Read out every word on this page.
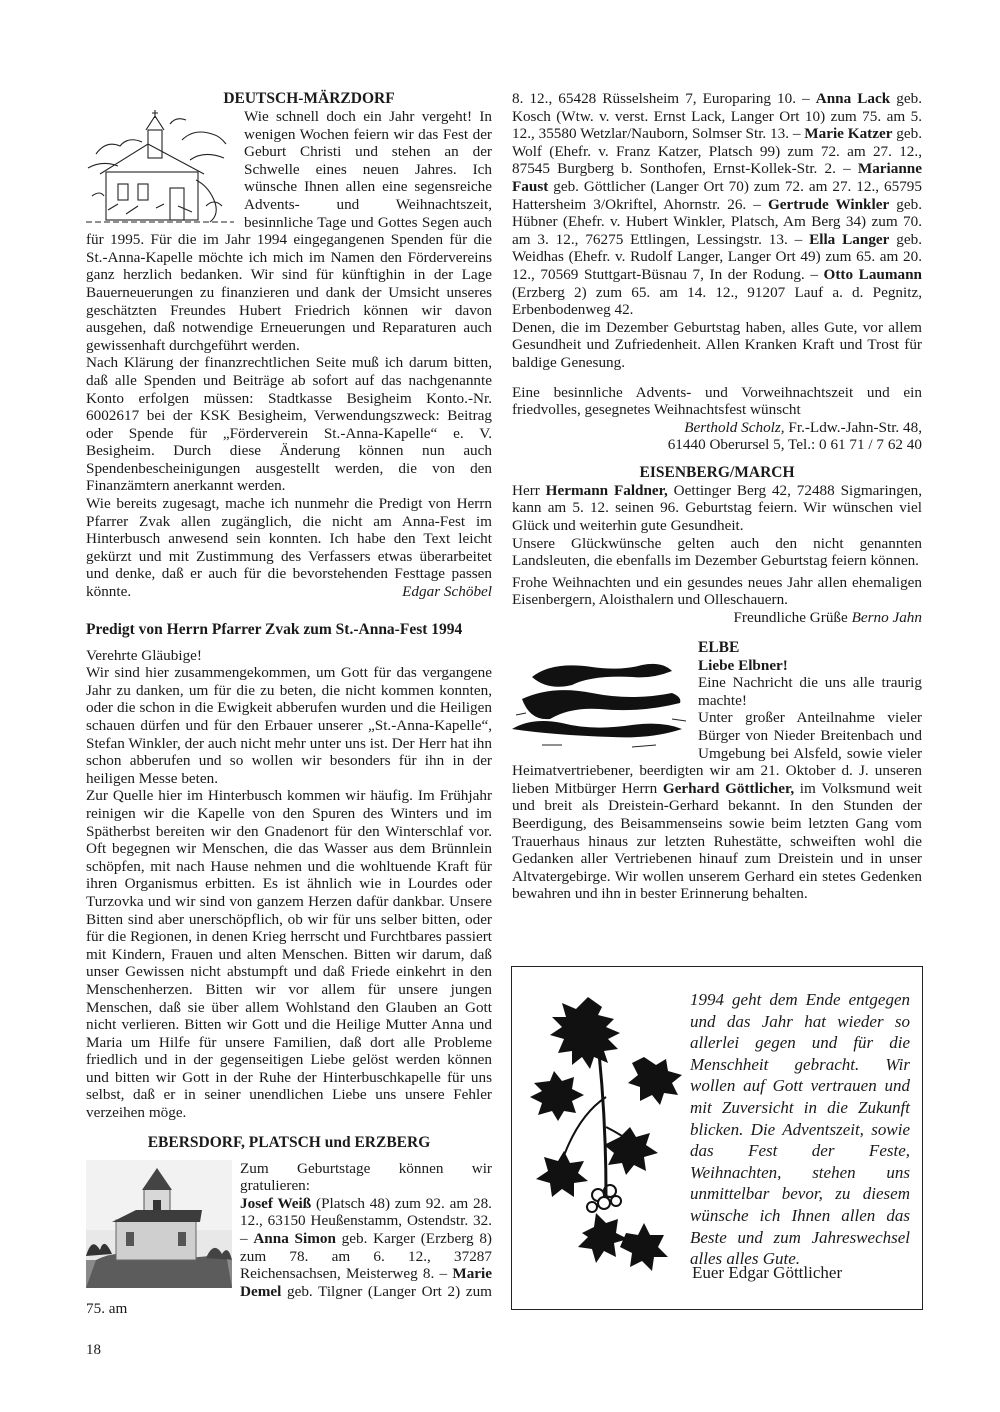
DEUTSCH-MÄRZDORF

Wie schnell doch ein Jahr vergeht! In wenigen Wochen feiern wir das Fest der Geburt Christi und stehen an der Schwelle eines neuen Jahres. Ich wünsche Ihnen allen eine segensreiche Advents- und Weihnachtszeit, besinnliche Tage und Gottes Segen auch für 1995. Für die im Jahr 1994 eingegangenen Spenden für die St.-Anna-Kapelle möchte ich mich im Namen den Fördervereins ganz herzlich bedanken. Wir sind für künftighin in der Lage Bauerneuerungen zu finanzieren und dank der Umsicht unseres geschätzten Freundes Hubert Friedrich können wir davon ausgehen, daß notwendige Erneuerungen und Reparaturen auch gewissenhaft durchgeführt werden.

Nach Klärung der finanzrechtlichen Seite muß ich darum bitten, daß alle Spenden und Beiträge ab sofort auf das nachgenannte Konto erfolgen müssen: Stadtkasse Besigheim Konto.-Nr. 6002617 bei der KSK Besigheim, Verwendungszweck: Beitrag oder Spende für „Förderverein St.-Anna-Kapelle“ e. V. Besigheim. Durch diese Änderung können nun auch Spendenbescheinigungen ausgestellt werden, die von den Finanzämtern anerkannt werden.

Wie bereits zugesagt, mache ich nunmehr die Predigt von Herrn Pfarrer Zvak allen zugänglich, die nicht am Anna-Fest im Hinterbusch anwesend sein konnten. Ich habe den Text leicht gekürzt und mit Zustimmung des Verfassers etwas überarbeitet und denke, daß er auch für die bevorstehenden Festtage passen könnte.	Edgar Schöbel

Predigt von Herrn Pfarrer Zvak zum St.-Anna-Fest 1994

Verehrte Gläubige!

Wir sind hier zusammengekommen, um Gott für das vergangene Jahr zu danken, um für die zu beten, die nicht kommen konnten, oder die schon in die Ewigkeit abberufen wurden und die Heiligen schauen dürfen und für den Erbauer unserer „St.-Anna-Kapelle“, Stefan Winkler, der auch nicht mehr unter uns ist. Der Herr hat ihn schon abberufen und so wollen wir besonders für ihn in der heiligen Messe beten.

Zur Quelle hier im Hinterbusch kommen wir häufig. Im Frühjahr reinigen wir die Kapelle von den Spuren des Winters und im Spätherbst bereiten wir den Gnadenort für den Winterschlaf vor. Oft begegnen wir Menschen, die das Wasser aus dem Brünnlein schöpfen, mit nach Hause nehmen und die wohltuende Kraft für ihren Organismus erbitten. Es ist ähnlich wie in Lourdes oder Turzovka und wir sind von ganzem Herzen dafür dankbar. Unsere Bitten sind aber unerschöpflich, ob wir für uns selber bitten, oder für die Regionen, in denen Krieg herrscht und Furchtbares passiert mit Kindern, Frauen und alten Menschen. Bitten wir darum, daß unser Gewissen nicht abstumpft und daß Friede einkehrt in den Menschenherzen. Bitten wir vor allem für unsere jungen Menschen, daß sie über allem Wohlstand den Glauben an Gott nicht verlieren. Bitten wir Gott und die Heilige Mutter Anna und Maria um Hilfe für unsere Familien, daß dort alle Probleme friedlich und in der gegenseitigen Liebe gelöst werden können und bitten wir Gott in der Ruhe der Hinterbuschkapelle für uns selbst, daß er in seiner unendlichen Liebe uns unsere Fehler verzeihen möge.

EBERSDORF, PLATSCH und ERZBERG

Zum Geburtstage können wir gratulieren:

Josef Weiß (Platsch 48) zum 92. am 28. 12., 63150 Heußenstamm, Ostendstr. 32. – Anna Simon geb. Karger (Erzberg 8) zum 78. am 6. 12., 37287 Reichensachsen, Meisterweg 8. – Marie Demel geb. Tilgner (Langer Ort 2) zum 75. am

8. 12., 65428 Rüsselsheim 7, Europaring 10. – Anna Lack geb. Kosch (Wtw. v. verst. Ernst Lack, Langer Ort 10) zum 75. am 5. 12., 35580 Wetzlar/Nauborn, Solmser Str. 13. – Marie Katzer geb. Wolf (Ehefr. v. Franz Katzer, Platsch 99) zum 72. am 27. 12., 87545 Burgberg b. Sonthofen, Ernst-Kollek-Str. 2. – Marianne Faust geb. Göttlicher (Langer Ort 70) zum 72. am 27. 12., 65795 Hattersheim 3/Okriftel, Ahornstr. 26. – Gertrude Winkler geb. Hübner (Ehefr. v. Hubert Winkler, Platsch, Am Berg 34) zum 70. am 3. 12., 76275 Ettlingen, Lessingstr. 13. – Ella Langer geb. Weidhas (Ehefr. v. Rudolf Langer, Langer Ort 49) zum 65. am 20. 12., 70569 Stuttgart-Büsnau 7, In der Rodung. – Otto Laumann (Erzberg 2) zum 65. am 14. 12., 91207 Lauf a. d. Pegnitz, Erbenbodenweg 42.

Denen, die im Dezember Geburtstag haben, alles Gute, vor allem Gesundheit und Zufriedenheit. Allen Kranken Kraft und Trost für baldige Genesung.

Eine besinnliche Advents- und Vorweihnachtszeit und ein friedvolles, gesegnetes Weihnachtsfest wünscht

Berthold Scholz, Fr.-Ldw.-Jahn-Str. 48,

61440 Oberursel 5, Tel.: 0 61 71 / 7 62 40

EISENBERG/MARCH

Herr Hermann Faldner, Oettinger Berg 42, 72488 Sigmaringen, kann am 5. 12. seinen 96. Geburtstag feiern. Wir wünschen viel Glück und weiterhin gute Gesundheit.

Unsere Glückwünsche gelten auch den nicht genannten Landsleuten, die ebenfalls im Dezember Geburtstag feiern können.

Frohe Weihnachten und ein gesundes neues Jahr allen ehemaligen Eisenbergern, Aloisthalern und Olleschauern.

Freundliche Grüße Berno Jahn

ELBE

Liebe Elbner!

Eine Nachricht die uns alle traurig machte!

Unter großer Anteilnahme vieler Bürger von Nieder Breitenbach und Umgebung bei Alsfeld, sowie vieler Heimatvertriebener, beerdigten wir am 21. Oktober d. J. unseren lieben Mitbürger Herrn Gerhard Göttlicher, im Volksmund weit und breit als Dreistein-Gerhard bekannt. In den Stunden der Beerdigung, des Beisammenseins sowie beim letzten Gang vom Trauerhaus hinaus zur letzten Ruhestätte, schweiften wohl die Gedanken aller Vertriebenen hinauf zum Dreistein und in unser Altvatergebirge. Wir wollen unserem Gerhard ein stetes Gedenken bewahren und ihn in bester Erinnerung behalten.

1994 geht dem Ende entgegen und das Jahr hat wieder so allerlei gegen und für die Menschheit gebracht. Wir wollen auf Gott vertrauen und mit Zuversicht in die Zukunft blicken. Die Adventszeit, sowie das Fest der Feste, Weihnachten, stehen uns unmittelbar bevor, zu diesem wünsche ich Ihnen allen das Beste und zum Jahreswechsel alles alles Gute.

Euer Edgar Göttlicher

18
